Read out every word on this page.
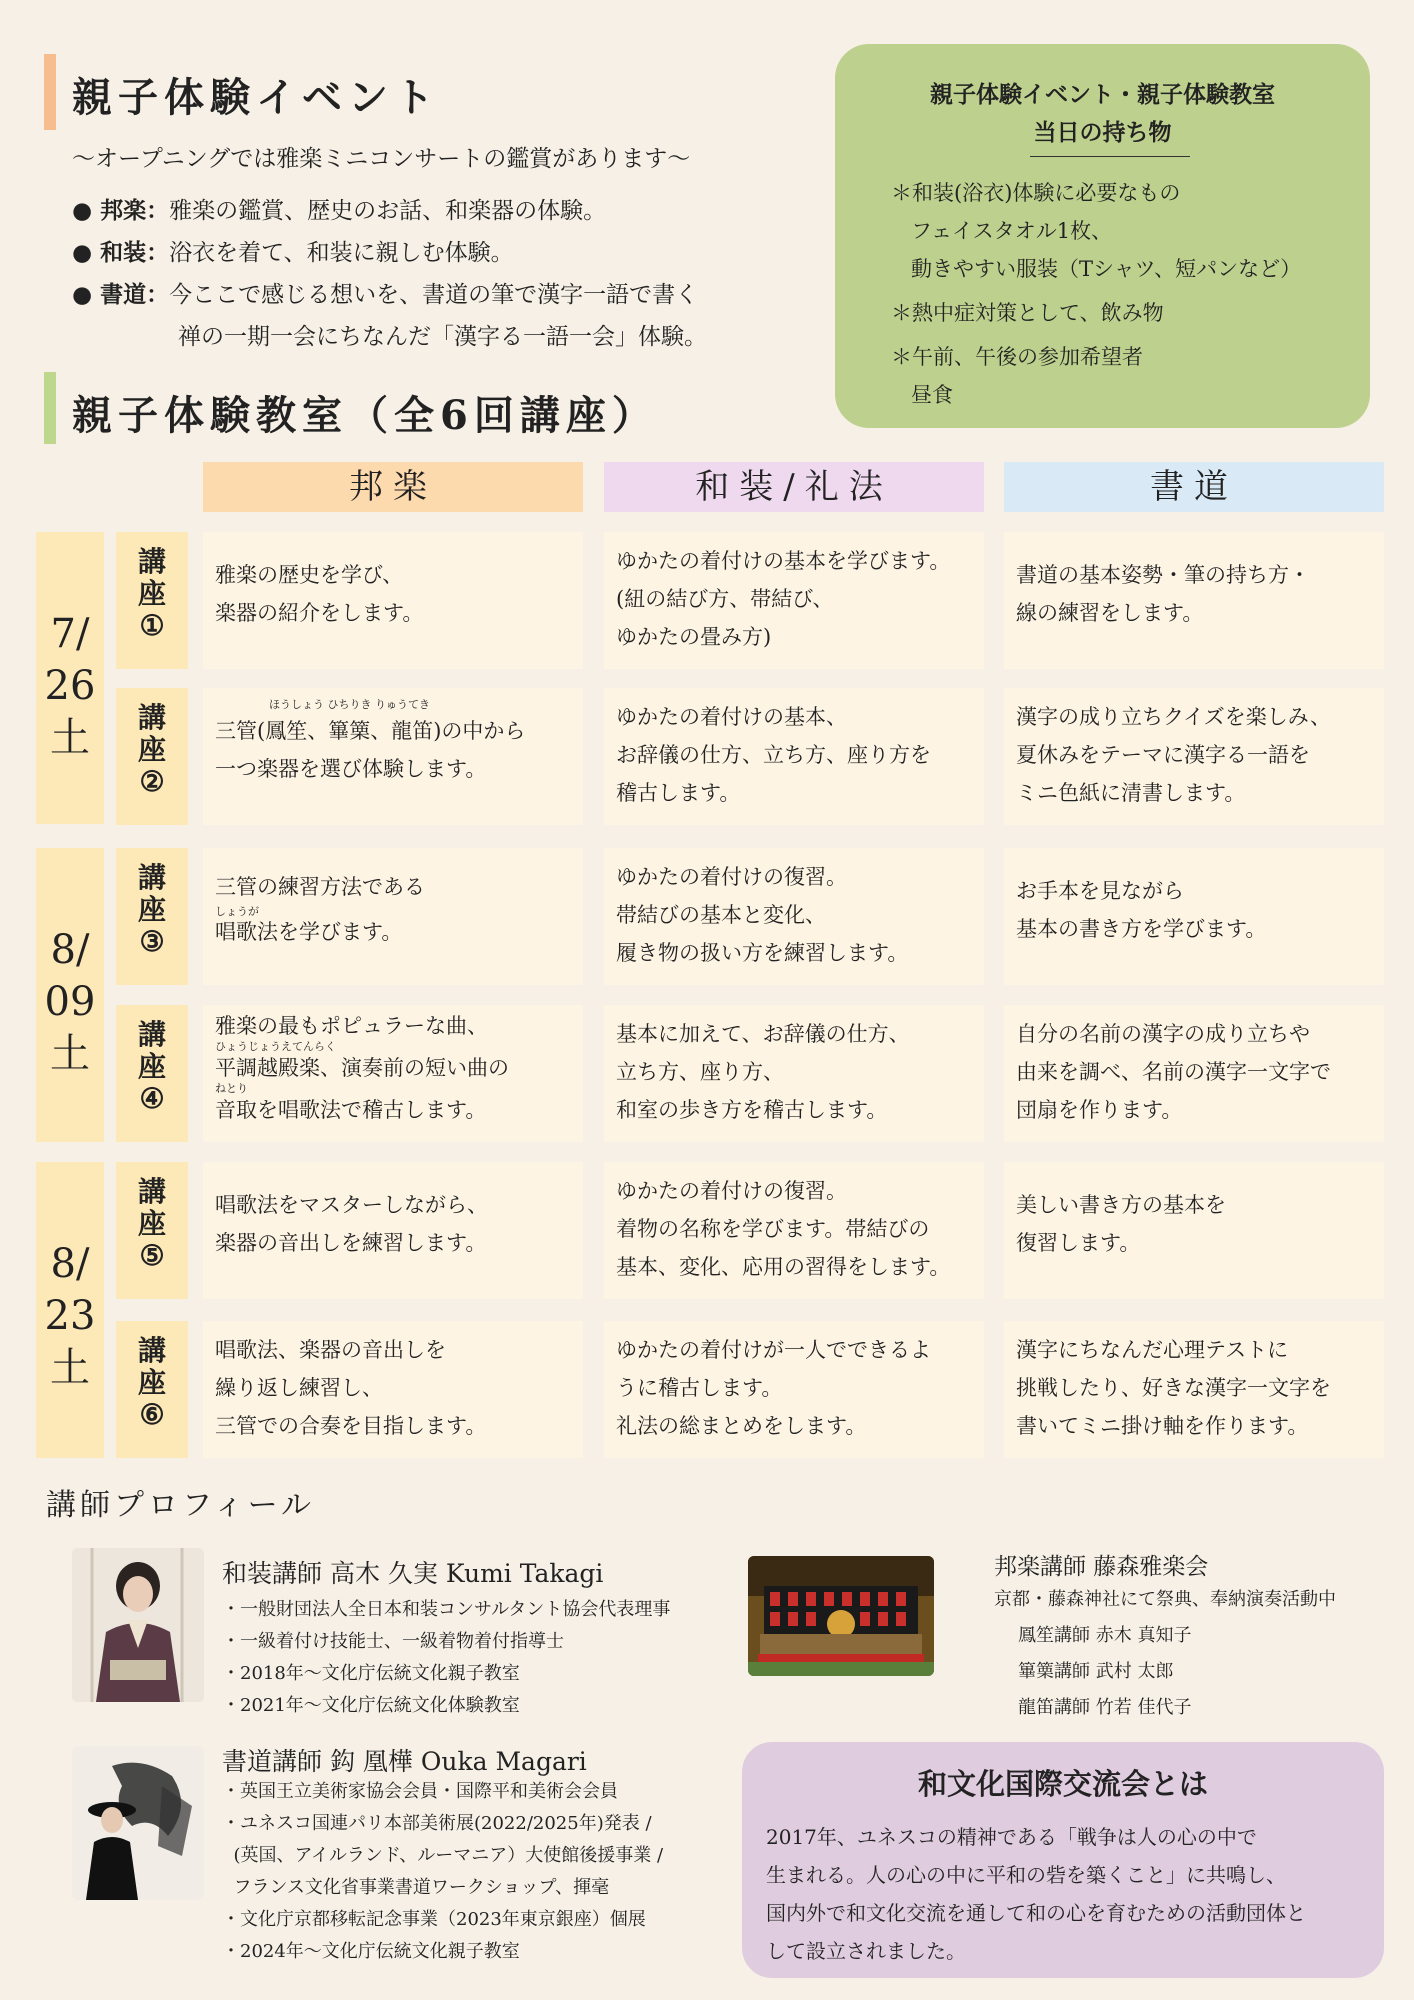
親子体験イベント
〜オープニングでは雅楽ミニコンサートの鑑賞があります〜
● 邦楽：雅楽の鑑賞、歴史のお話、和楽器の体験。
● 和装：浴衣を着て、和装に親しむ体験。
● 書道：今ここで感じる想いを、書道の筆で漢字一語で書く
禅の一期一会にちなんだ「漢字る一語一会」体験。
親子体験イベント・親子体験教室
当日の持ち物
＊和装(浴衣)体験に必要なもの
フェイスタオル1枚、
動きやすい服装（Tシャツ、短パンなど）
＊熱中症対策として、飲み物
＊午前、午後の参加希望者
昼食
親子体験教室（全6回講座）
邦楽	和装/礼法	書道
7/
26
土
8/
09
土
8/
23
土
講
座
①
雅楽の歴史を学び、
楽器の紹介をします。
ゆかたの着付けの基本を学びます。
(紐の結び方、帯結び、
ゆかたの畳み方)
書道の基本姿勢・筆の持ち方・
線の練習をします。
講
座
②
ほうしょう ひちりき りゅうてき
三管(鳳笙、篳篥、龍笛)の中から
一つ楽器を選び体験します。
ゆかたの着付けの基本、
お辞儀の仕方、立ち方、座り方を
稽古します。
漢字の成り立ちクイズを楽しみ、
夏休みをテーマに漢字る一語を
ミニ色紙に清書します。
講
座
③
三管の練習方法である
しょうが
唱歌法を学びます。
ゆかたの着付けの復習。
帯結びの基本と変化、
履き物の扱い方を練習します。
お手本を見ながら
基本の書き方を学びます。
講
座
④
雅楽の最もポピュラーな曲、
ひょうじょうえてんらく
平調越殿楽、演奏前の短い曲の
ねとり
音取を唱歌法で稽古します。
基本に加えて、お辞儀の仕方、
立ち方、座り方、
和室の歩き方を稽古します。
自分の名前の漢字の成り立ちや
由来を調べ、名前の漢字一文字で
団扇を作ります。
講
座
⑤
唱歌法をマスターしながら、
楽器の音出しを練習します。
ゆかたの着付けの復習。
着物の名称を学びます。帯結びの
基本、変化、応用の習得をします。
美しい書き方の基本を
復習します。
講
座
⑥
唱歌法、楽器の音出しを
繰り返し練習し、
三管での合奏を目指します。
ゆかたの着付けが一人でできるよ
うに稽古します。
礼法の総まとめをします。
漢字にちなんだ心理テストに
挑戦したり、好きな漢字一文字を
書いてミニ掛け軸を作ります。
講師プロフィール
和装講師 高木 久実 Kumi Takagi
・一般財団法人全日本和装コンサルタント協会代表理事
・一級着付け技能士、一級着物着付指導士
・2018年〜文化庁伝統文化親子教室
・2021年〜文化庁伝統文化体験教室
邦楽講師 藤森雅楽会
京都・藤森神社にて祭典、奉納演奏活動中
鳳笙講師 赤木 真知子
篳篥講師 武村 太郎
龍笛講師 竹若 佳代子
書道講師 鈎 凰樺 Ouka Magari
・英国王立美術家協会会員・国際平和美術会会員
・ユネスコ国連パリ本部美術展(2022/2025年)発表 /
(英国、アイルランド、ルーマニア）大使館後援事業 /
フランス文化省事業書道ワークショップ、揮毫
・文化庁京都移転記念事業（2023年東京銀座）個展
・2024年〜文化庁伝統文化親子教室
和文化国際交流会とは
2017年、ユネスコの精神である「戦争は人の心の中で
生まれる。人の心の中に平和の砦を築くこと」に共鳴し、
国内外で和文化交流を通して和の心を育むための活動団体と
して設立されました。
